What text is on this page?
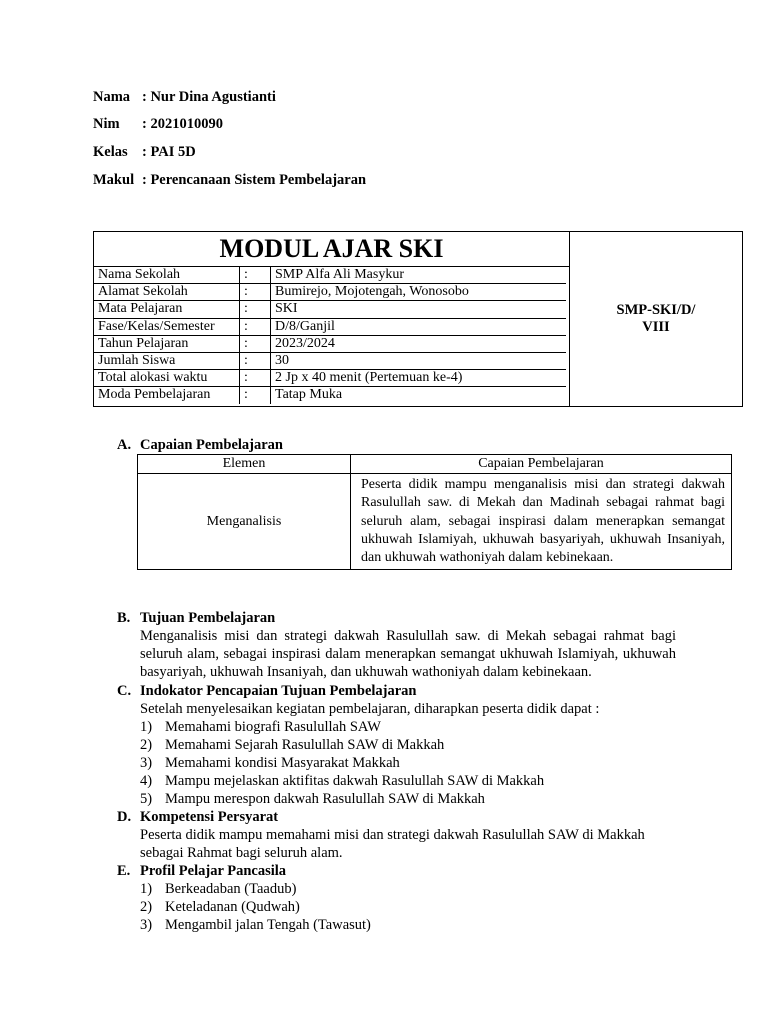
Nama : Nur Dina Agustianti
Nim : 2021010090
Kelas : PAI 5D
Makul : Perencanaan Sistem Pembelajaran
MODUL AJAR SKI
Nama Sekolah	:	SMP Alfa Ali Masykur
Alamat Sekolah	:	Bumirejo, Mojotengah, Wonosobo
Mata Pelajaran	:	SKI
Fase/Kelas/Semester	:	D/8/Ganjil
Tahun Pelajaran	:	2023/2024
Jumlah Siswa	:	30
Total alokasi waktu	:	2 Jp x 40 menit (Pertemuan ke-4)
Moda Pembelajaran	:	Tatap Muka
SMP-SKI/D/
VIII
A. Capaian Pembelajaran
Elemen	Capaian Pembelajaran
Menganalisis	Peserta didik mampu menganalisis misi dan strategi dakwah Rasulullah saw. di Mekah dan Madinah sebagai rahmat bagi seluruh alam, sebagai inspirasi dalam menerapkan semangat ukhuwah Islamiyah, ukhuwah basyariyah, ukhuwah Insaniyah, dan ukhuwah wathoniyah dalam kebinekaan.
B. Tujuan Pembelajaran
Menganalisis misi dan strategi dakwah Rasulullah saw. di Mekah sebagai rahmat bagi seluruh alam, sebagai inspirasi dalam menerapkan semangat ukhuwah Islamiyah, ukhuwah basyariyah, ukhuwah Insaniyah, dan ukhuwah wathoniyah dalam kebinekaan.
C. Indokator Pencapaian Tujuan Pembelajaran
Setelah menyelesaikan kegiatan pembelajaran, diharapkan peserta didik dapat :
1) Memahami biografi Rasulullah SAW
2) Memahami Sejarah Rasulullah SAW di Makkah
3) Memahami kondisi Masyarakat Makkah
4) Mampu mejelaskan aktifitas dakwah Rasulullah SAW di Makkah
5) Mampu merespon dakwah Rasulullah SAW di Makkah
D. Kompetensi Persyarat
Peserta didik mampu memahami misi dan strategi dakwah Rasulullah SAW di Makkah sebagai Rahmat bagi seluruh alam.
E. Profil Pelajar Pancasila
1) Berkeadaban (Taadub)
2) Keteladanan (Qudwah)
3) Mengambil jalan Tengah (Tawasut)
